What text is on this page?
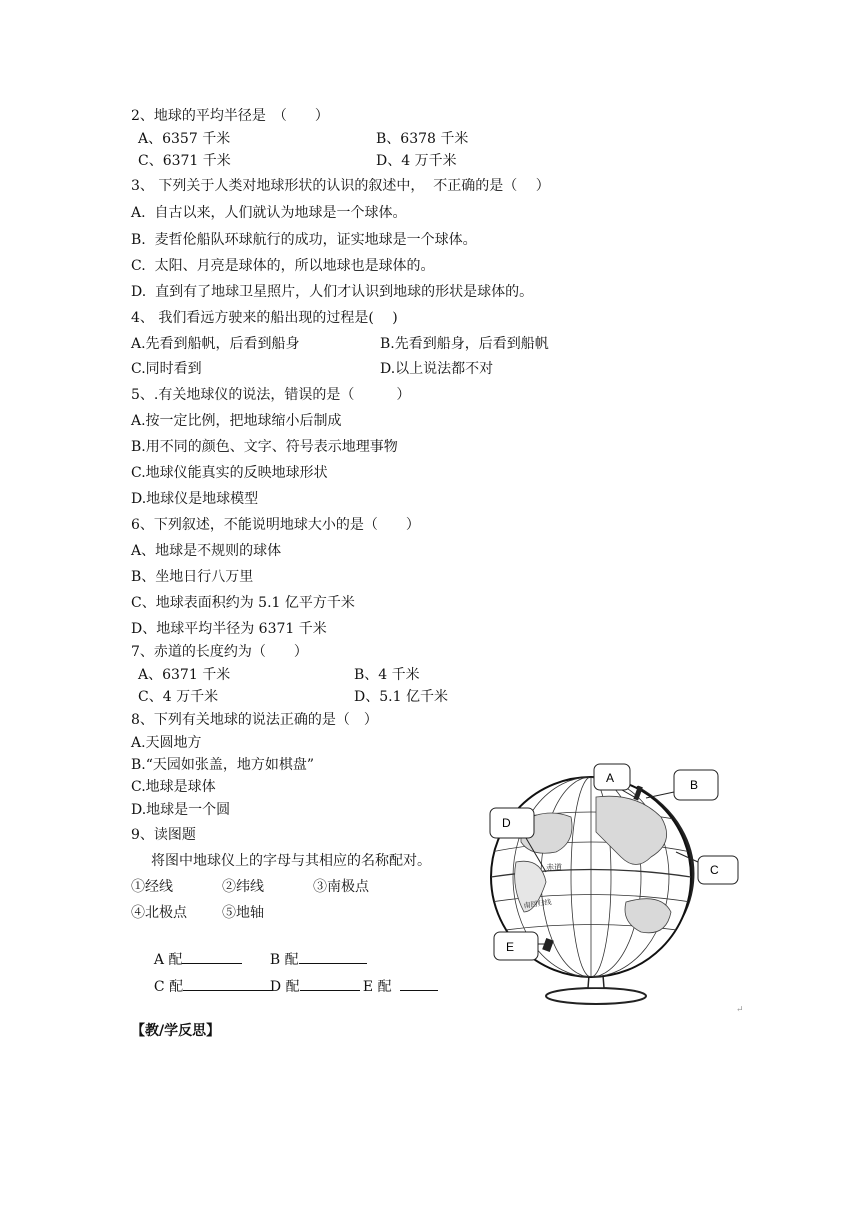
2、地球的平均半径是　（　　）
A、6357 千米	B、6378 千米
C、6371 千米	D、4 万千米
3、 下列关于人类对地球形状的认识的叙述中，  不正确的是（　 ）
A.  自古以来，人们就认为地球是一个球体。
B.  麦哲伦船队环球航行的成功，证实地球是一个球体。
C.  太阳、月亮是球体的，所以地球也是球体的。
D.  直到有了地球卫星照片，人们才认识到地球的形状是球体的。
4、 我们看远方驶来的船出现的过程是(　 )
A.先看到船帆，后看到船身	B.先看到船身，后看到船帆
C.同时看到	D.以上说法都不对
5、.有关地球仪的说法，错误的是（　　　）
A.按一定比例，把地球缩小后制成
B.用不同的颜色、文字、符号表示地理事物
C.地球仪能真实的反映地球形状
D.地球仪是地球模型
6、下列叙述，不能说明地球大小的是（　　）
A、地球是不规则的球体
B、坐地日行八万里
C、地球表面积约为 5.1 亿平方千米
D、地球平均半径为 6371 千米
7、赤道的长度约为（　　）
A、6371 千米	B、4 千米
C、4 万千米	D、5.1 亿千米
8、下列有关地球的说法正确的是（　）
A.天圆地方
B.“天园如张盖，地方如棋盘”
C.地球是球体
D.地球是一个圆
9、读图题
将图中地球仪上的字母与其相应的名称配对。
①经线	②纬线	③南极点
④北极点	⑤地轴

A 配	B 配

C 配	D 配	E 配

赤道
南回归线
A	B
D
C
E
↵
【教/学反思】
